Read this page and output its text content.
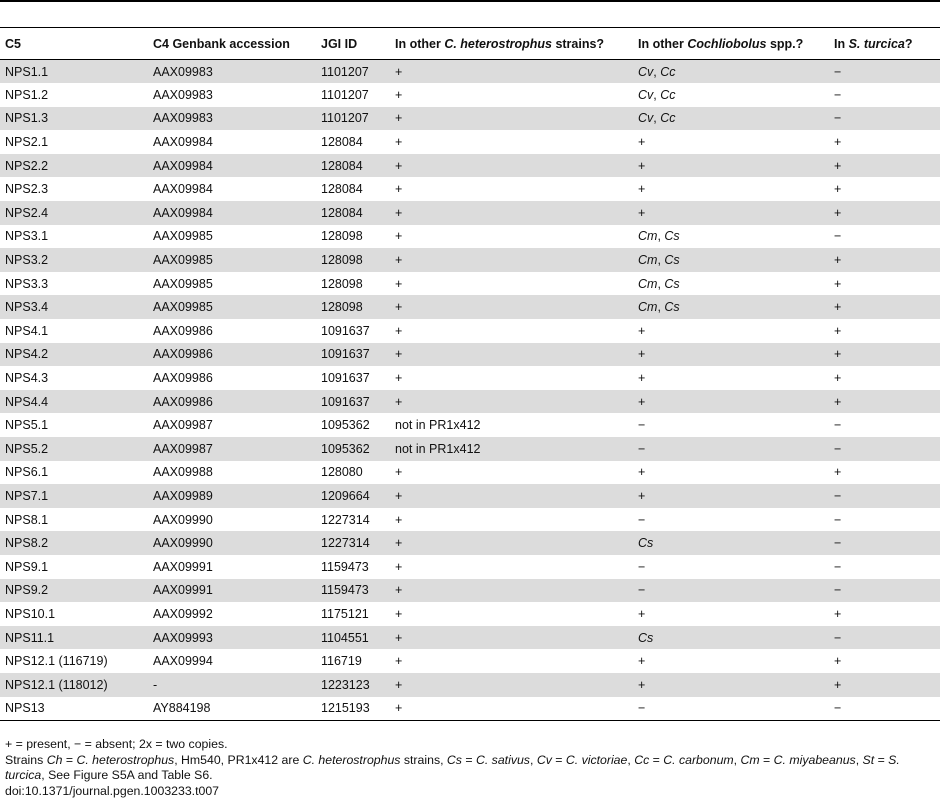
C5	C4 Genbank accession	JGI ID	In other C. heterostrophus strains?	In other Cochliobolus spp.?	In S. turcica?
NPS1.1	AAX09983	1101207	+	Cv, Cc	−
NPS1.2	AAX09983	1101207	+	Cv, Cc	−
NPS1.3	AAX09983	1101207	+	Cv, Cc	−
NPS2.1	AAX09984	128084	+	+	+
NPS2.2	AAX09984	128084	+	+	+
NPS2.3	AAX09984	128084	+	+	+
NPS2.4	AAX09984	128084	+	+	+
NPS3.1	AAX09985	128098	+	Cm, Cs	−
NPS3.2	AAX09985	128098	+	Cm, Cs	+
NPS3.3	AAX09985	128098	+	Cm, Cs	+
NPS3.4	AAX09985	128098	+	Cm, Cs	+
NPS4.1	AAX09986	1091637	+	+	+
NPS4.2	AAX09986	1091637	+	+	+
NPS4.3	AAX09986	1091637	+	+	+
NPS4.4	AAX09986	1091637	+	+	+
NPS5.1	AAX09987	1095362	not in PR1x412	−	−
NPS5.2	AAX09987	1095362	not in PR1x412	−	−
NPS6.1	AAX09988	128080	+	+	+
NPS7.1	AAX09989	1209664	+	+	−
NPS8.1	AAX09990	1227314	+	−	−
NPS8.2	AAX09990	1227314	+	Cs	−
NPS9.1	AAX09991	1159473	+	−	−
NPS9.2	AAX09991	1159473	+	−	−
NPS10.1	AAX09992	1175121	+	+	+
NPS11.1	AAX09993	1104551	+	Cs	−
NPS12.1 (116719)	AAX09994	116719	+	+	+
NPS12.1 (118012)	-	1223123	+	+	+
NPS13	AY884198	1215193	+	−	−
+ = present, − = absent; 2x = two copies.
Strains Ch = C. heterostrophus, Hm540, PR1x412 are C. heterostrophus strains, Cs = C. sativus, Cv = C. victoriae, Cc = C. carbonum, Cm = C. miyabeanus, St = S. turcica, See Figure S5A and Table S6.
doi:10.1371/journal.pgen.1003233.t007
